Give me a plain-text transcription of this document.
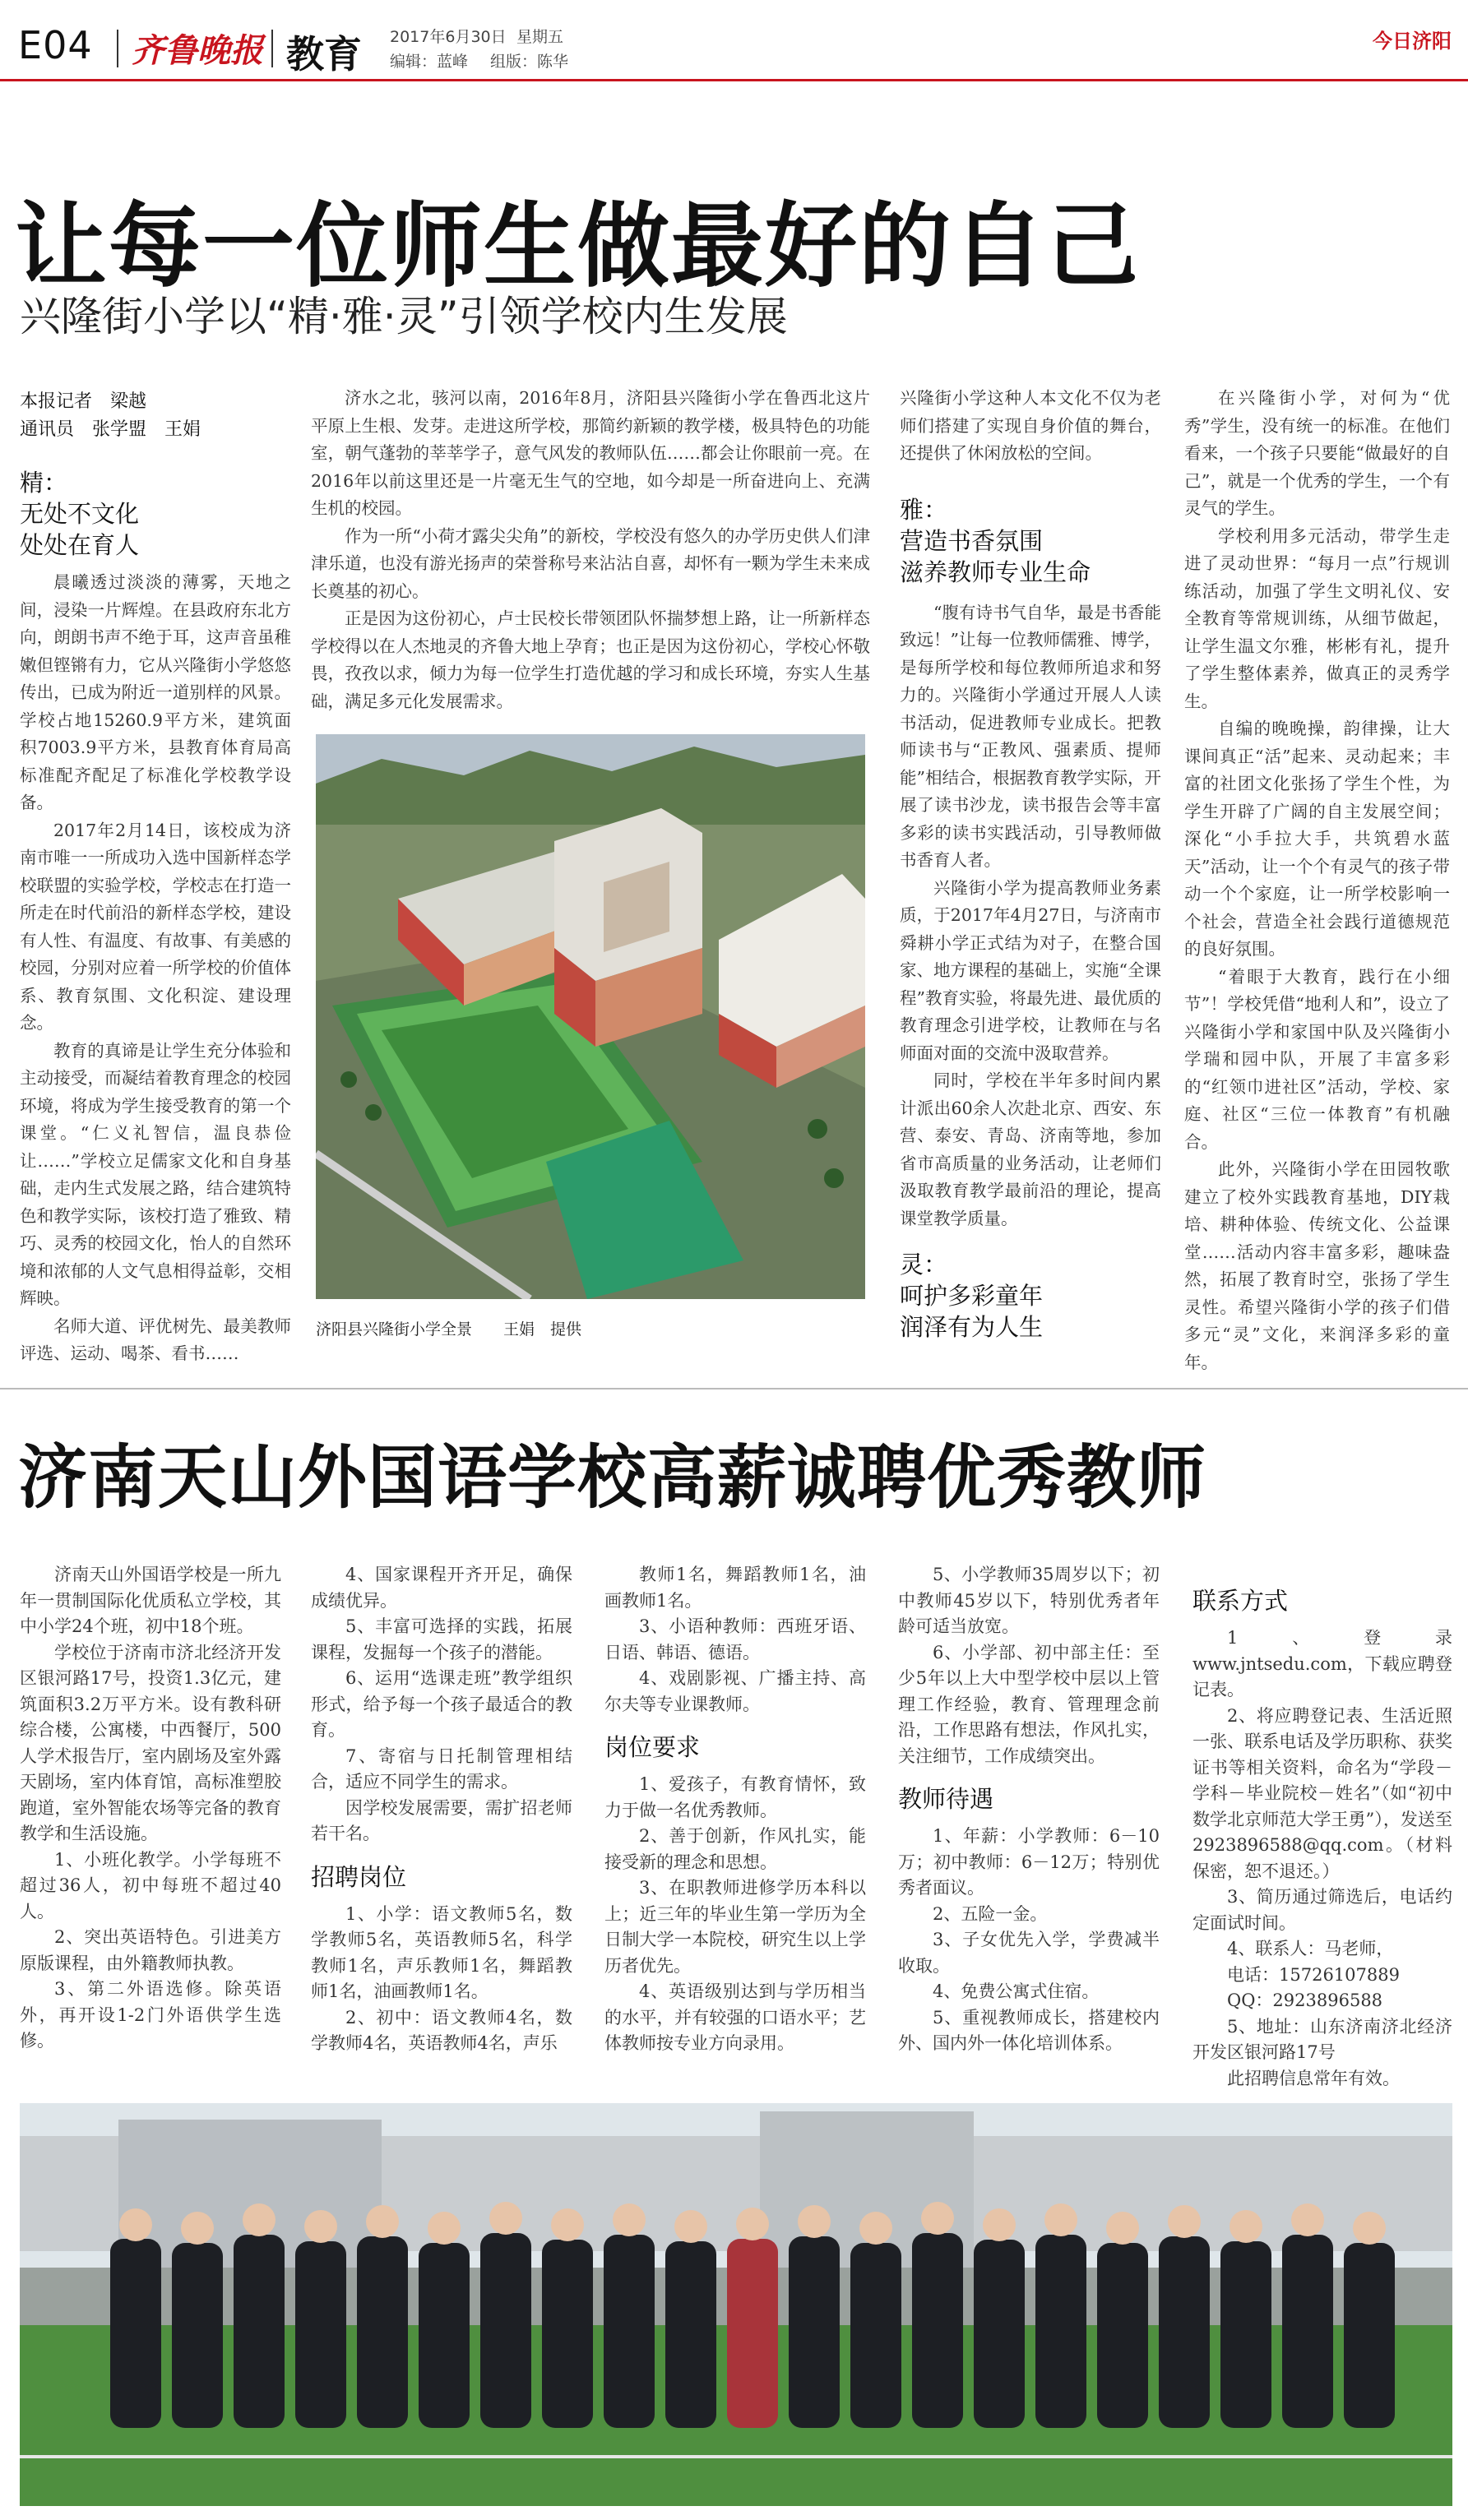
E04 齐鲁晚报 教育 2017年6月30日 星期五
编辑：蓝峰 组版：陈华
今日济阳
让每一位师生做最好的自己
兴隆街小学以“精·雅·灵”引领学校内生发展
本报记者　梁越
通讯员　张学盟　王娟
精：
无处不文化
处处在育人

晨曦透过淡淡的薄雾，天地之间，浸染一片辉煌。在县政府东北方向，朗朗书声不绝于耳，这声音虽稚嫩但铿锵有力，它从兴隆街小学悠悠传出，已成为附近一道别样的风景。学校占地15260.9平方米，建筑面积7003.9平方米，县教育体育局高标准配齐配足了标准化学校教学设备。

2017年2月14日，该校成为济南市唯一一所成功入选中国新样态学校联盟的实验学校，学校志在打造一所走在时代前沿的新样态学校，建设有人性、有温度、有故事、有美感的校园，分别对应着一所学校的价值体系、教育氛围、文化积淀、建设理念。

教育的真谛是让学生充分体验和主动接受，而凝结着教育理念的校园环境，将成为学生接受教育的第一个课堂。“仁义礼智信，温良恭俭让……”学校立足儒家文化和自身基础，走内生式发展之路，结合建筑特色和教学实际，该校打造了雅致、精巧、灵秀的校园文化，怡人的自然环境和浓郁的人文气息相得益彰，交相辉映。

名师大道、评优树先、最美教师评选、运动、喝茶、看书……

济水之北，骇河以南，2016年8月，济阳县兴隆街小学在鲁西北这片平原上生根、发芽。走进这所学校，那简约新颖的教学楼，极具特色的功能室，朝气蓬勃的莘莘学子，意气风发的教师队伍……都会让你眼前一亮。在2016年以前这里还是一片毫无生气的空地，如今却是一所奋进向上、充满生机的校园。

作为一所“小荷才露尖尖角”的新校，学校没有悠久的办学历史供人们津津乐道，也没有游光扬声的荣誉称号来沾沾自喜，却怀有一颗为学生未来成长奠基的初心。

正是因为这份初心，卢士民校长带领团队怀揣梦想上路，让一所新样态学校得以在人杰地灵的齐鲁大地上孕育；也正是因为这份初心，学校心怀敬畏，孜孜以求，倾力为每一位学生打造优越的学习和成长环境，夯实人生基础，满足多元化发展需求。

济阳县兴隆街小学全景　　王娟　提供

兴隆街小学这种人本文化不仅为老师们搭建了实现自身价值的舞台，还提供了休闲放松的空间。

雅：
营造书香氛围
滋养教师专业生命

“腹有诗书气自华，最是书香能致远！”让每一位教师儒雅、博学，是每所学校和每位教师所追求和努力的。兴隆街小学通过开展人人读书活动，促进教师专业成长。把教师读书与“正教风、强素质、提师能”相结合，根据教育教学实际，开展了读书沙龙，读书报告会等丰富多彩的读书实践活动，引导教师做书香育人者。

兴隆街小学为提高教师业务素质，于2017年4月27日，与济南市舜耕小学正式结为对子，在整合国家、地方课程的基础上，实施“全课程”教育实验，将最先进、最优质的教育理念引进学校，让教师在与名师面对面的交流中汲取营养。

同时，学校在半年多时间内累计派出60余人次赴北京、西安、东营、泰安、青岛、济南等地，参加省市高质量的业务活动，让老师们汲取教育教学最前沿的理论，提高课堂教学质量。

灵：
呵护多彩童年
润泽有为人生

在兴隆街小学，对何为“优秀”学生，没有统一的标准。在他们看来，一个孩子只要能“做最好的自己”，就是一个优秀的学生，一个有灵气的学生。

学校利用多元活动，带学生走进了灵动世界：“每月一点”行规训练活动，加强了学生文明礼仪、安全教育等常规训练，从细节做起，让学生温文尔雅，彬彬有礼，提升了学生整体素养，做真正的灵秀学生。

自编的晚晚操，韵律操，让大课间真正“活”起来、灵动起来；丰富的社团文化张扬了学生个性，为学生开辟了广阔的自主发展空间；深化“小手拉大手，共筑碧水蓝天”活动，让一个个有灵气的孩子带动一个个家庭，让一所学校影响一个社会，营造全社会践行道德规范的良好氛围。

“着眼于大教育，践行在小细节”！学校凭借“地利人和”，设立了兴隆街小学和家国中队及兴隆街小学瑞和园中队，开展了丰富多彩的“红领巾进社区”活动，学校、家庭、社区“三位一体教育”有机融合。

此外，兴隆街小学在田园牧歌建立了校外实践教育基地，DIY栽培、耕种体验、传统文化、公益课堂……活动内容丰富多彩，趣味盎然，拓展了教育时空，张扬了学生灵性。希望兴隆街小学的孩子们借多元“灵”文化，来润泽多彩的童年。

济南天山外国语学校高薪诚聘优秀教师

济南天山外国语学校是一所九年一贯制国际化优质私立学校，其中小学24个班，初中18个班。

学校位于济南市济北经济开发区银河路17号，投资1.3亿元，建筑面积3.2万平方米。设有教科研综合楼，公寓楼，中西餐厅，500人学术报告厅，室内剧场及室外露天剧场，室内体育馆，高标准塑胶跑道，室外智能农场等完备的教育教学和生活设施。

1、小班化教学。小学每班不超过36人，初中每班不超过40人。

2、突出英语特色。引进美方原版课程，由外籍教师执教。

3、第二外语选修。除英语外，再开设1-2门外语供学生选修。

4、国家课程开齐开足，确保成绩优异。

5、丰富可选择的实践，拓展课程，发掘每一个孩子的潜能。

6、运用“选课走班”教学组织形式，给予每一个孩子最适合的教育。

7、寄宿与日托制管理相结合，适应不同学生的需求。

因学校发展需要，需扩招老师若干名。

招聘岗位

1、小学：语文教师5名，数学教师5名，英语教师5名，科学教师1名，声乐教师1名，舞蹈教师1名，油画教师1名。

2、初中：语文教师4名，数学教师4名，英语教师4名，声乐

教师1名，舞蹈教师1名，油画教师1名。

3、小语种教师：西班牙语、日语、韩语、德语。

4、戏剧影视、广播主持、高尔夫等专业课教师。

岗位要求

1、爱孩子，有教育情怀，致力于做一名优秀教师。

2、善于创新，作风扎实，能接受新的理念和思想。

3、在职教师进修学历本科以上；近三年的毕业生第一学历为全日制大学一本院校，研究生以上学历者优先。

4、英语级别达到与学历相当的水平，并有较强的口语水平；艺体教师按专业方向录用。

5、小学教师35周岁以下；初中教师45岁以下，特别优秀者年龄可适当放宽。

6、小学部、初中部主任：至少5年以上大中型学校中层以上管理工作经验，教育、管理理念前沿，工作思路有想法，作风扎实，关注细节，工作成绩突出。

教师待遇

1、年薪：小学教师：6－10万；初中教师：6－12万；特别优秀者面议。

2、五险一金。

3、子女优先入学，学费减半收取。

4、免费公寓式住宿。

5、重视教师成长，搭建校内外、国内外一体化培训体系。

联系方式

1、登录www.jntsedu.com，下载应聘登记表。

2、将应聘登记表、生活近照一张、联系电话及学历职称、获奖证书等相关资料，命名为“学段－学科－毕业院校－姓名”（如“初中数学北京师范大学王勇”），发送至2923896588@qq.com。（材料保密，恕不退还。）

3、简历通过筛选后，电话约定面试时间。

4、联系人：马老师，

电话：15726107889

QQ：2923896588

5、地址：山东济南济北经济开发区银河路17号

此招聘信息常年有效。
